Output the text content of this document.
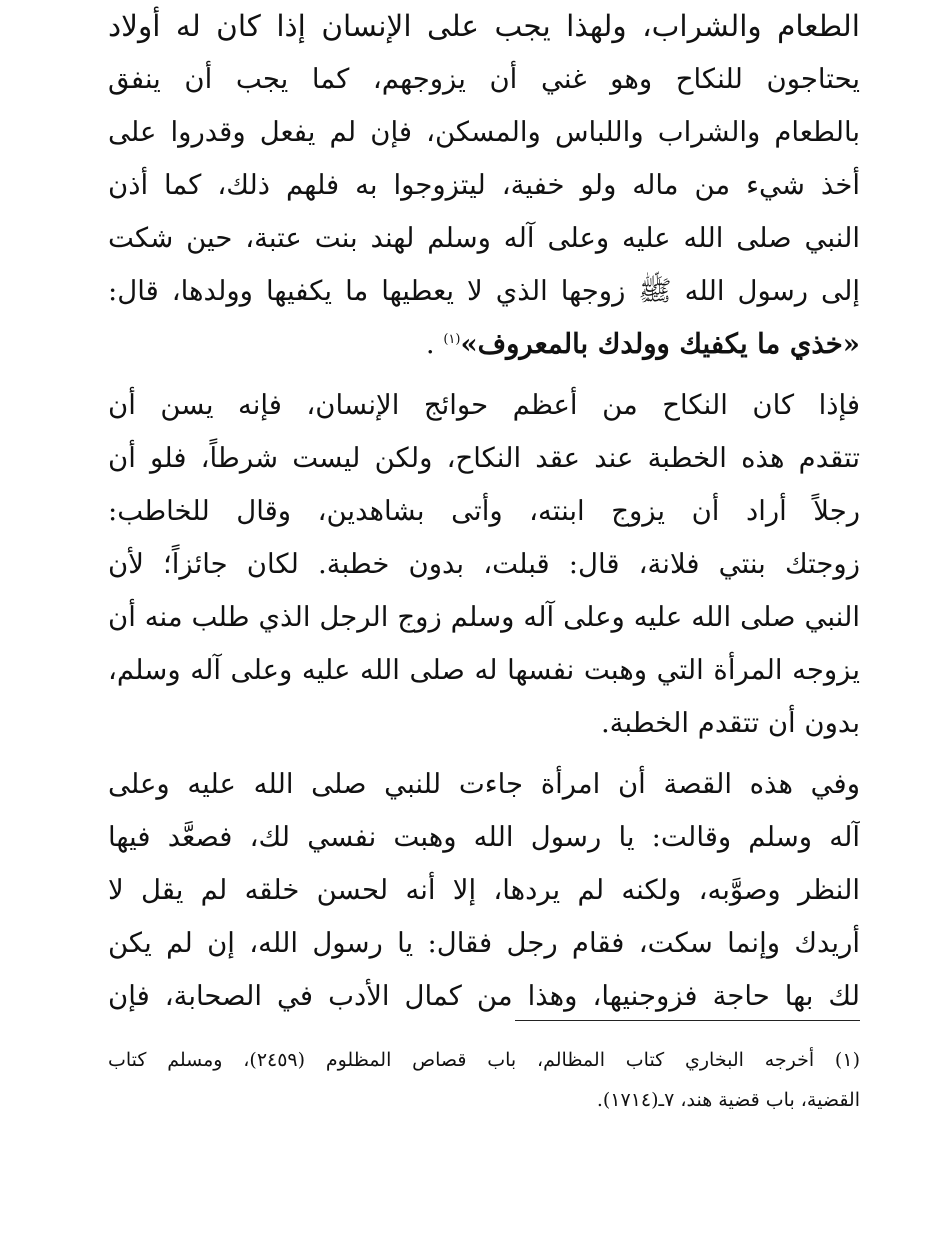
الطعام والشراب، ولهذا يجب على الإنسان إذا كان له أولاد
يحتاجون للنكاح وهو غني أن يزوجهم، كما يجب أن ينفق
بالطعام والشراب واللباس والمسكن، فإن لم يفعل وقدروا على
أخذ شيء من ماله ولو خفية، ليتزوجوا به فلهم ذلك، كما أذن
النبي صلى الله عليه وعلى آله وسلم لهند بنت عتبة، حين شكت
إلى رسول الله ﷺ زوجها الذي لا يعطيها ما يكفيها وولدها، قال:
«خذي ما يكفيك وولدك بالمعروف»$^{(١)}$ .
فإذا كان النكاح من أعظم حوائج الإنسان، فإنه يسن أن
تتقدم هذه الخطبة عند عقد النكاح، ولكن ليست شرطاً، فلو أن
رجلاً أراد أن يزوج ابنته، وأتى بشاهدين، وقال للخاطب:
زوجتك بنتي فلانة، قال: قبلت، بدون خطبة. لكان جائزاً؛ لأن
النبي صلى الله عليه وعلى آله وسلم زوج الرجل الذي طلب منه أن
يزوجه المرأة التي وهبت نفسها له صلى الله عليه وعلى آله وسلم،
بدون أن تتقدم الخطبة.
وفي هذه القصة أن امرأة جاءت للنبي صلى الله عليه وعلى
آله وسلم وقالت: يا رسول الله وهبت نفسي لك، فصعَّد فيها
النظر وصوَّبه، ولكنه لم يردها، إلا أنه لحسن خلقه لم يقل لا
أريدك وإنما سكت، فقام رجل فقال: يا رسول الله، إن لم يكن
لك بها حاجة فزوجنيها، وهذا من كمال الأدب في الصحابة، فإن
(١) أخرجه البخاري كتاب المظالم، باب قصاص المظلوم (٢٤٥٩)، ومسلم كتاب
القضية، باب قضية هند، ٧ـ(١٧١٤).
